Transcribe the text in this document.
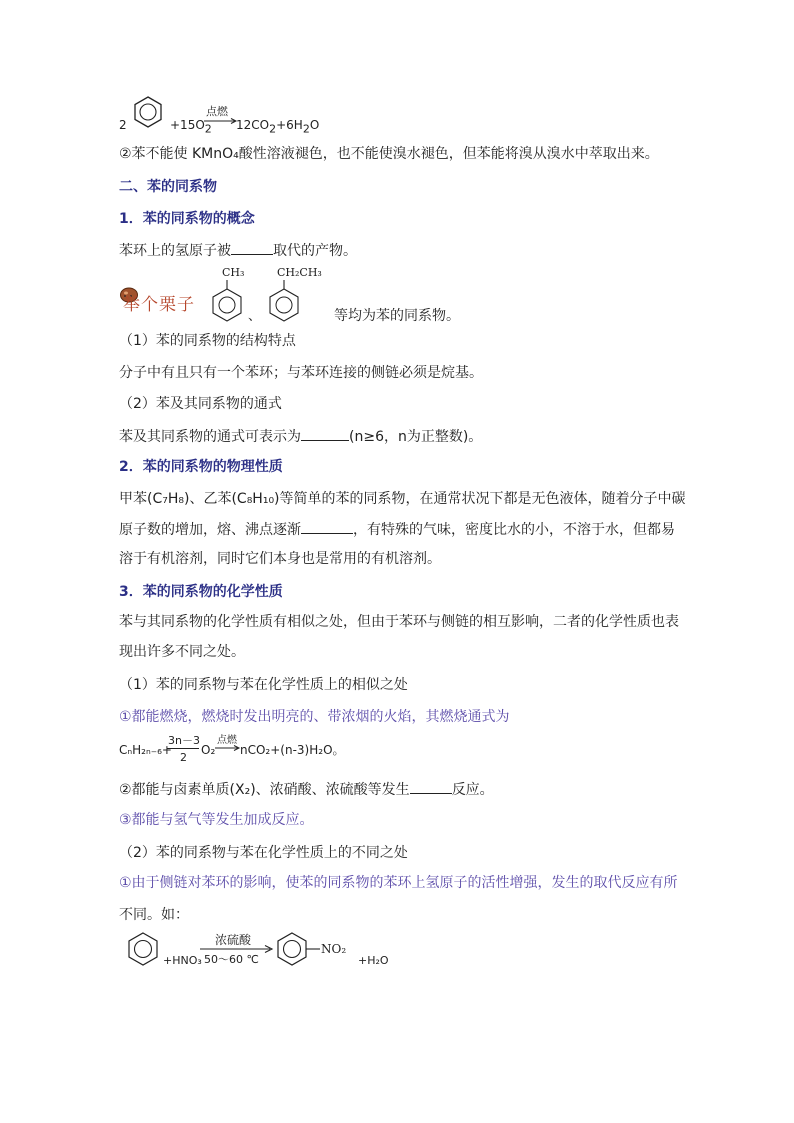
2	$+15O_2$
点燃
$12CO_2+6H_2O$
②苯不能使 KMnO₄酸性溶液褪色，也不能使溴水褪色，但苯能将溴从溴水中萃取出来。
二、苯的同系物
1．苯的同系物的概念
苯环上的氢原子被	取代的产物。
举个栗子
CH₃
、
CH₂CH₃
等均为苯的同系物。
（1）苯的同系物的结构特点
分子中有且只有一个苯环；与苯环连接的侧链必须是烷基。
（2）苯及其同系物的通式
苯及其同系物的通式可表示为	(n≥6，n为正整数)。
2．苯的同系物的物理性质
甲苯(C₇H₈)、乙苯(C₈H₁₀)等简单的苯的同系物，在通常状况下都是无色液体，随着分子中碳
原子数的增加，熔、沸点逐渐	，有特殊的气味，密度比水的小，不溶于水，但都易
溶于有机溶剂，同时它们本身也是常用的有机溶剂。
3．苯的同系物的化学性质
苯与其同系物的化学性质有相似之处，但由于苯环与侧链的相互影响，二者的化学性质也表
现出许多不同之处。
（1）苯的同系物与苯在化学性质上的相似之处
①都能燃烧，燃烧时发出明亮的、带浓烟的火焰，其燃烧通式为
CₙH₂ₙ₋₆+
3n－3
2
O₂
点燃
→ nCO₂+(n-3)H₂O。
②都能与卤素单质(X₂)、浓硝酸、浓硫酸等发生	反应。
③都能与氢气等发生加成反应。
（2）苯的同系物与苯在化学性质上的不同之处
①由于侧链对苯环的影响，使苯的同系物的苯环上氢原子的活性增强，发生的取代反应有所
不同。如：
+HNO₃
浓硫酸
50～60 ℃
NO₂
+H₂O
